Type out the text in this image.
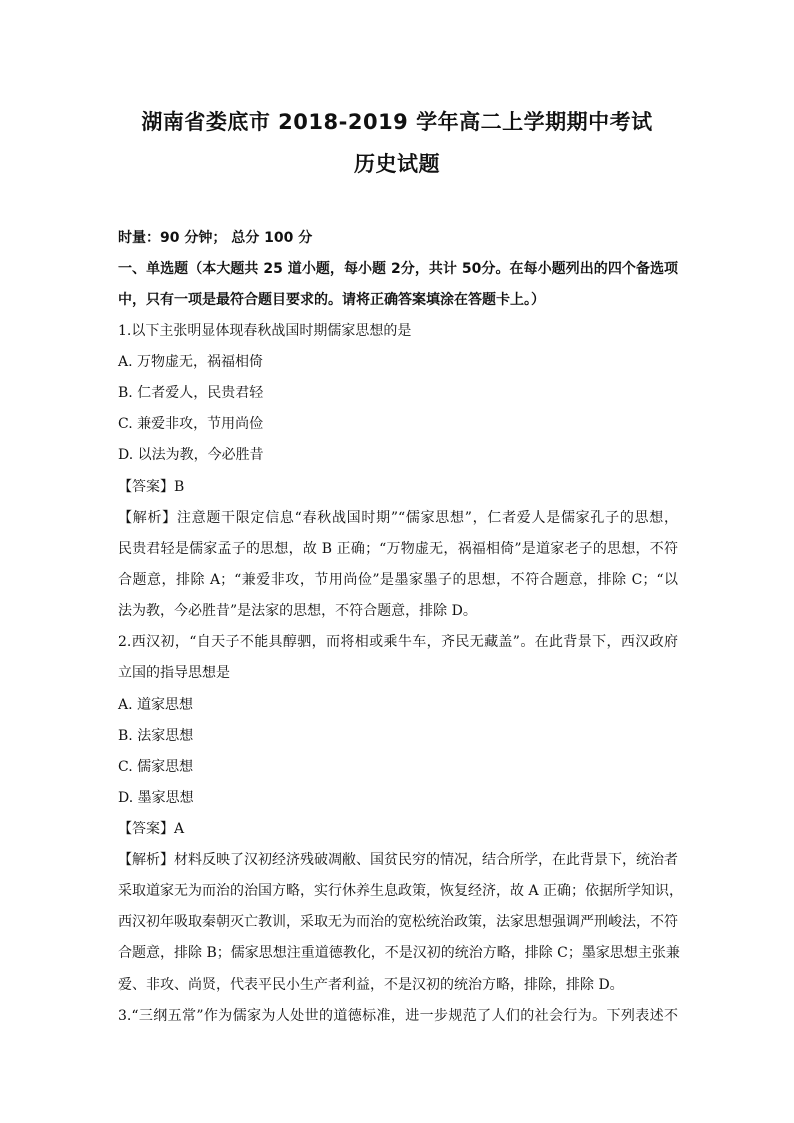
湖南省娄底市 2018-2019 学年高二上学期期中考试
历史试题
时量：90 分钟； 总分 100 分
一、单选题（本大题共 25 道小题，每小题 2分，共计 50分。在每小题列出的四个备选项
中，只有一项是最符合题目要求的。请将正确答案填涂在答题卡上。）
1.以下主张明显体现春秋战国时期儒家思想的是
A. 万物虚无，祸福相倚
B. 仁者爱人，民贵君轻
C. 兼爱非攻，节用尚俭
D. 以法为教，今必胜昔
【答案】B
【解析】注意题干限定信息“春秋战国时期”“儒家思想”，仁者爱人是儒家孔子的思想，
民贵君轻是儒家孟子的思想，故 B 正确；“万物虚无，祸福相倚”是道家老子的思想，不符
合题意，排除 A；“兼爱非攻，节用尚俭”是墨家墨子的思想，不符合题意，排除 C；“以
法为教，今必胜昔”是法家的思想，不符合题意，排除 D。
2.西汉初，“自天子不能具醇驷，而将相或乘牛车，齐民无藏盖”。在此背景下，西汉政府
立国的指导思想是
A. 道家思想
B. 法家思想
C. 儒家思想
D. 墨家思想
【答案】A
【解析】材料反映了汉初经济残破凋敝、国贫民穷的情况，结合所学，在此背景下，统治者
采取道家无为而治的治国方略，实行休养生息政策，恢复经济，故 A 正确；依据所学知识，
西汉初年吸取秦朝灭亡教训，采取无为而治的宽松统治政策，法家思想强调严刑峻法，不符
合题意，排除 B；儒家思想注重道德教化，不是汉初的统治方略，排除 C；墨家思想主张兼
爱、非攻、尚贤，代表平民小生产者利益，不是汉初的统治方略，排除，排除 D。
3.“三纲五常”作为儒家为人处世的道德标准，进一步规范了人们的社会行为。下列表述不
